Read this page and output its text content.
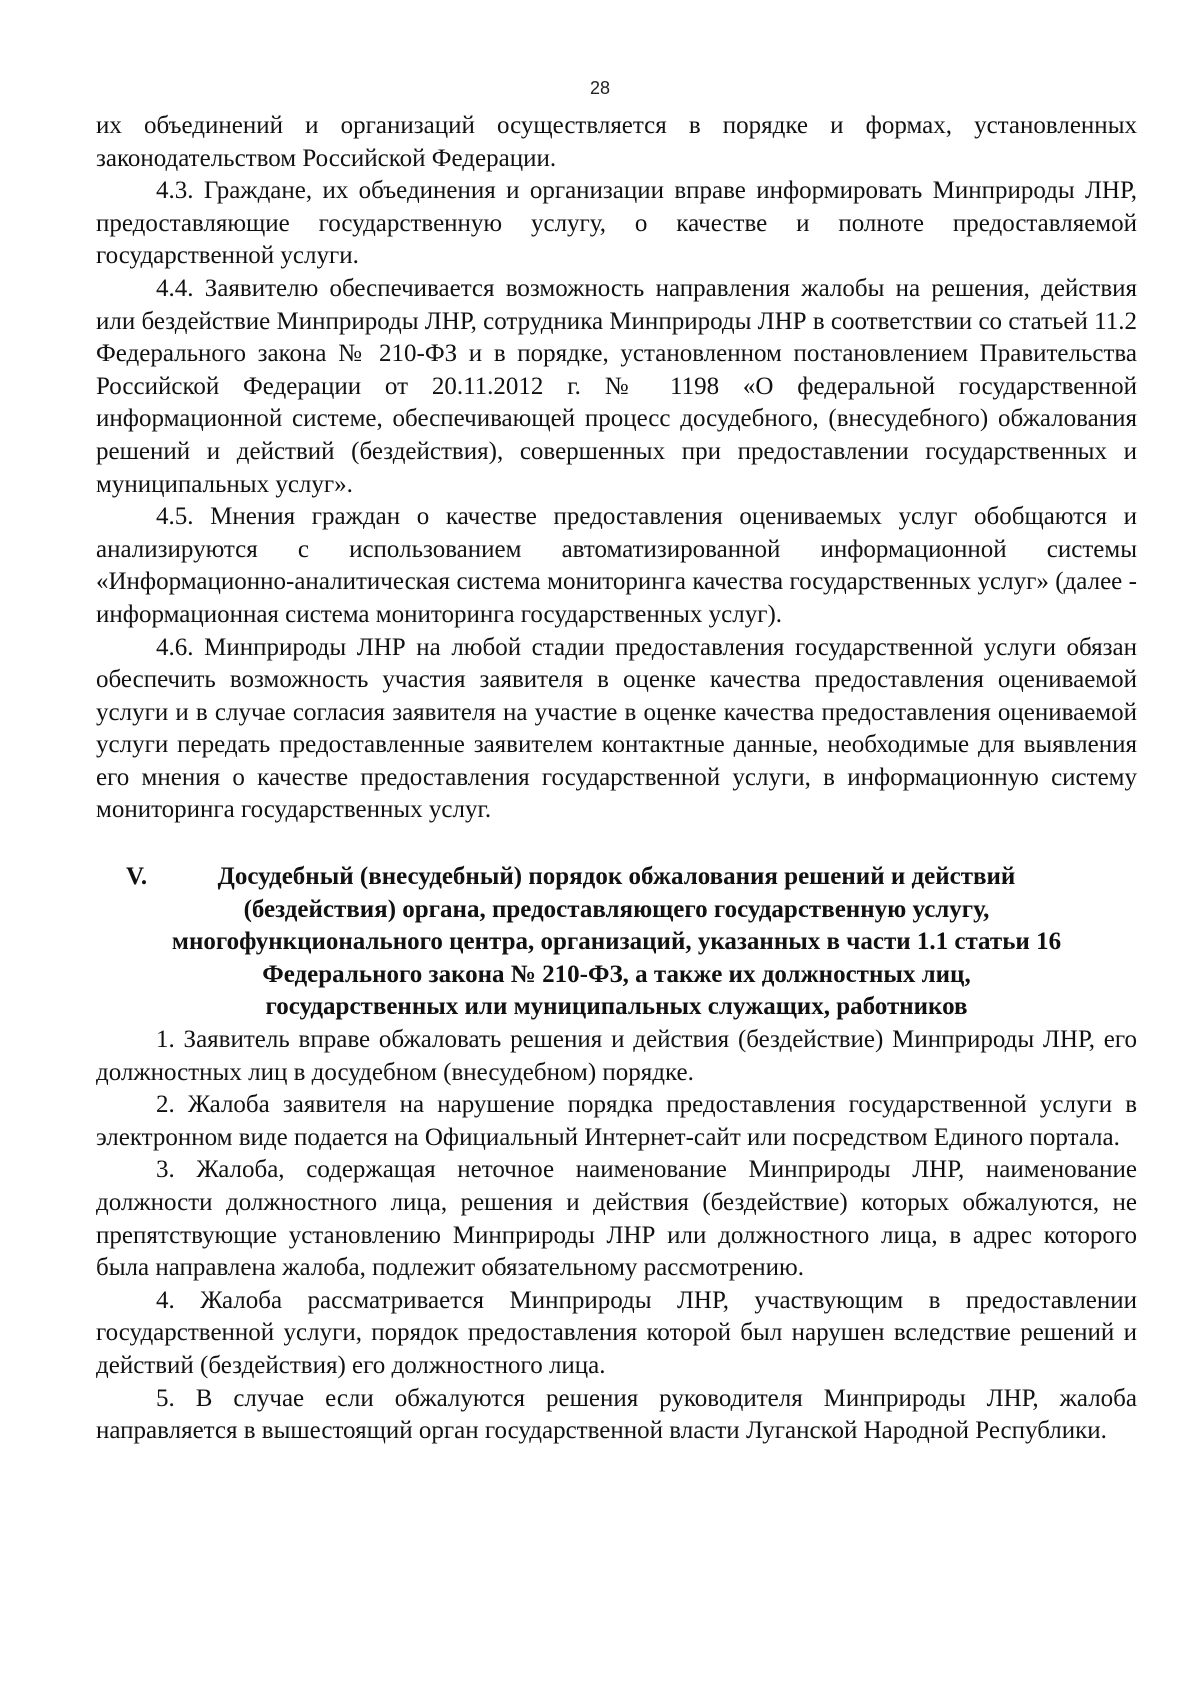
28

их объединений и организаций осуществляется в порядке и формах, установленных законодательством Российской Федерации.

4.3. Граждане, их объединения и организации вправе информировать Минприроды ЛНР, предоставляющие государственную услугу, о качестве и полноте предоставляемой государственной услуги.

4.4. Заявителю обеспечивается возможность направления жалобы на решения, действия или бездействие Минприроды ЛНР, сотрудника Минприроды ЛНР в соответствии со статьей 11.2 Федерального закона № 210-ФЗ и в порядке, установленном постановлением Правительства Российской Федерации от 20.11.2012 г. № 1198 «О федеральной государственной информационной системе, обеспечивающей процесс досудебного, (внесудебного) обжалования решений и действий (бездействия), совершенных при предоставлении государственных и муниципальных услуг».

4.5. Мнения граждан о качестве предоставления оцениваемых услуг обобщаются и анализируются с использованием автоматизированной информационной системы «Информационно-аналитическая система мониторинга качества государственных услуг» (далее - информационная система мониторинга государственных услуг).

4.6. Минприроды ЛНР на любой стадии предоставления государственной услуги обязан обеспечить возможность участия заявителя в оценке качества предоставления оцениваемой услуги и в случае согласия заявителя на участие в оценке качества предоставления оцениваемой услуги передать предоставленные заявителем контактные данные, необходимые для выявления его мнения о качестве предоставления государственной услуги, в информационную систему мониторинга государственных услуг.

V.	Досудебный (внесудебный) порядок обжалования решений и действий
(бездействия) органа, предоставляющего государственную услугу,
многофункционального центра, организаций, указанных в части 1.1 статьи 16
Федерального закона № 210-ФЗ, а также их должностных лиц,
государственных или муниципальных служащих, работников

1. Заявитель вправе обжаловать решения и действия (бездействие) Минприроды ЛНР, его должностных лиц в досудебном (внесудебном) порядке.

2. Жалоба заявителя на нарушение порядка предоставления государственной услуги в электронном виде подается на Официальный Интернет-сайт или посредством Единого портала.

3. Жалоба, содержащая неточное наименование Минприроды ЛНР, наименование должности должностного лица, решения и действия (бездействие) которых обжалуются, не препятствующие установлению Минприроды ЛНР или должностного лица, в адрес которого была направлена жалоба, подлежит обязательному рассмотрению.

4. Жалоба рассматривается Минприроды ЛНР, участвующим в предоставлении государственной услуги, порядок предоставления которой был нарушен вследствие решений и действий (бездействия) его должностного лица.

5. В случае если обжалуются решения руководителя Минприроды ЛНР, жалоба направляется в вышестоящий орган государственной власти Луганской Народной Республики.
